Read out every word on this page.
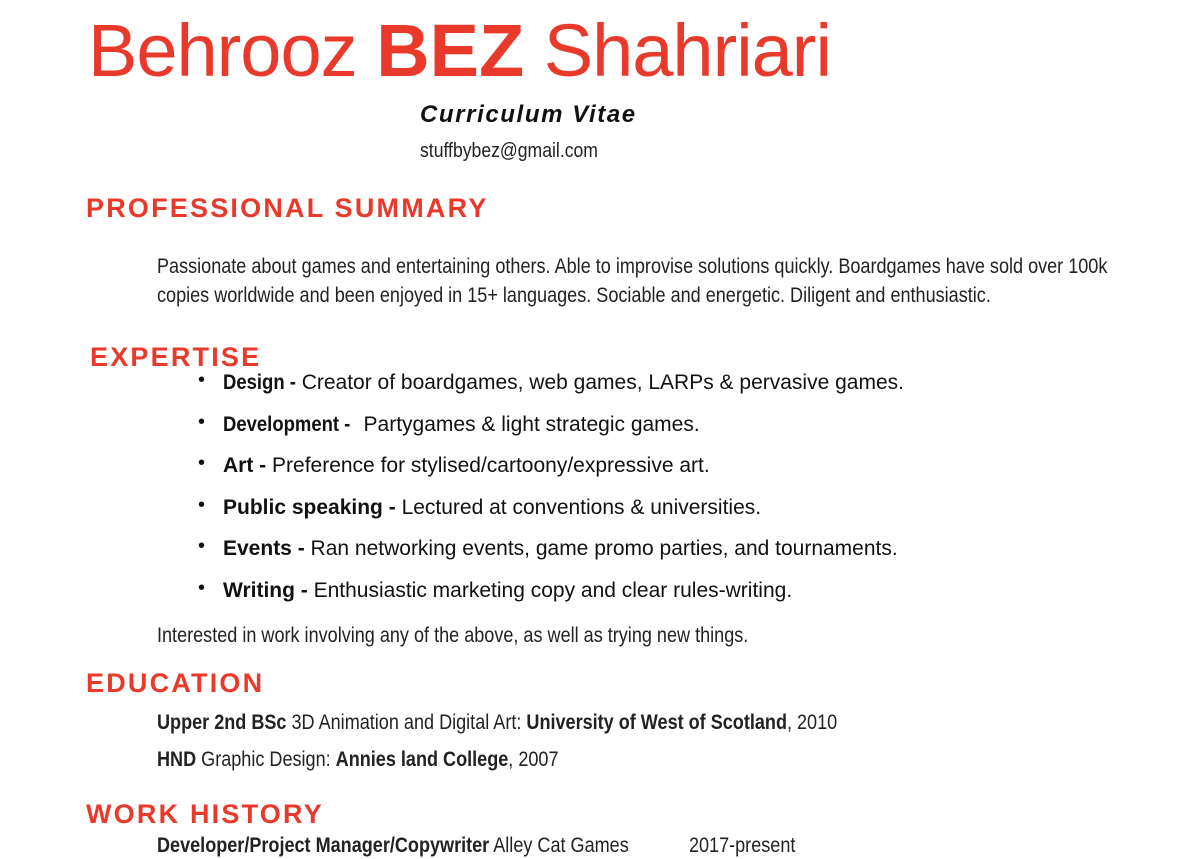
Behrooz BEZ Shahriari
Curriculum Vitae
stuffbybez@gmail.com
PROFESSIONAL SUMMARY
Passionate about games and entertaining others. Able to improvise solutions quickly. Boardgames have sold over 100k copies worldwide and been enjoyed in 15+ languages. Sociable and energetic. Diligent and enthusiastic.
EXPERTISE
• Design - Creator of boardgames, web games, LARPs & pervasive games.
• Development - Partygames & light strategic games.
• Art - Preference for stylised/cartoony/expressive art.
• Public speaking - Lectured at conventions & universities.
• Events - Ran networking events, game promo parties, and tournaments.
• Writing - Enthusiastic marketing copy and clear rules-writing.
Interested in work involving any of the above, as well as trying new things.
EDUCATION
Upper 2nd BSc 3D Animation and Digital Art: University of West of Scotland, 2010
HND Graphic Design: Annies land College, 2007
WORK HISTORY
Developer/Project Manager/Copywriter Alley Cat Games	2017-present
